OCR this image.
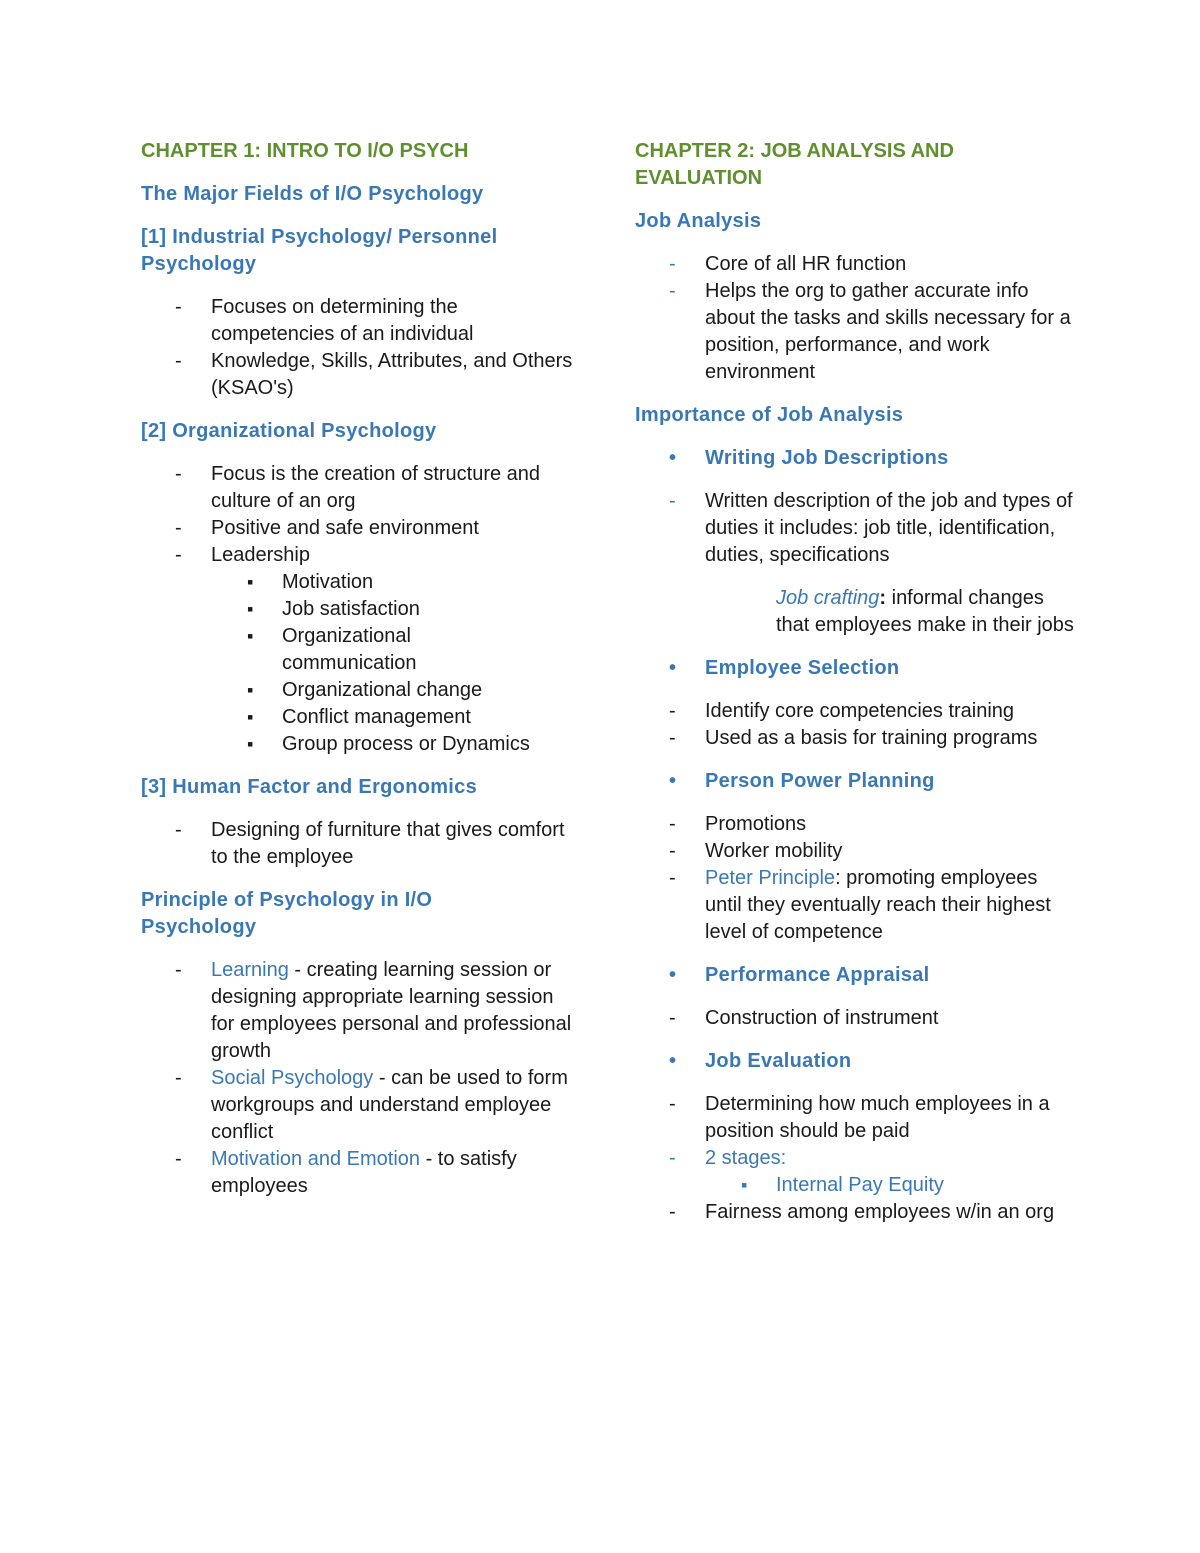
CHAPTER 1: INTRO TO I/O PSYCH
The Major Fields of I/O Psychology
[1] Industrial Psychology/ Personnel Psychology
- Focuses on determining the competencies of an individual
- Knowledge, Skills, Attributes, and Others (KSAO's)
[2] Organizational Psychology
- Focus is the creation of structure and culture of an org
- Positive and safe environment
- Leadership
▪ Motivation
▪ Job satisfaction
▪ Organizational communication
▪ Organizational change
▪ Conflict management
▪ Group process or Dynamics
[3] Human Factor and Ergonomics
- Designing of furniture that gives comfort to the employee
Principle of Psychology in I/O Psychology
- Learning - creating learning session or designing appropriate learning session for employees personal and professional growth
- Social Psychology - can be used to form workgroups and understand employee conflict
- Motivation and Emotion - to satisfy employees
CHAPTER 2: JOB ANALYSIS AND EVALUATION
Job Analysis
- Core of all HR function
- Helps the org to gather accurate info about the tasks and skills necessary for a position, performance, and work environment
Importance of Job Analysis
• Writing Job Descriptions
- Written description of the job and types of duties it includes: job title, identification, duties, specifications
Job crafting: informal changes that employees make in their jobs
• Employee Selection
- Identify core competencies training
- Used as a basis for training programs
• Person Power Planning
- Promotions
- Worker mobility
- Peter Principle: promoting employees until they eventually reach their highest level of competence
• Performance Appraisal
- Construction of instrument
• Job Evaluation
- Determining how much employees in a position should be paid
- 2 stages:
▪ Internal Pay Equity
- Fairness among employees w/in an org
